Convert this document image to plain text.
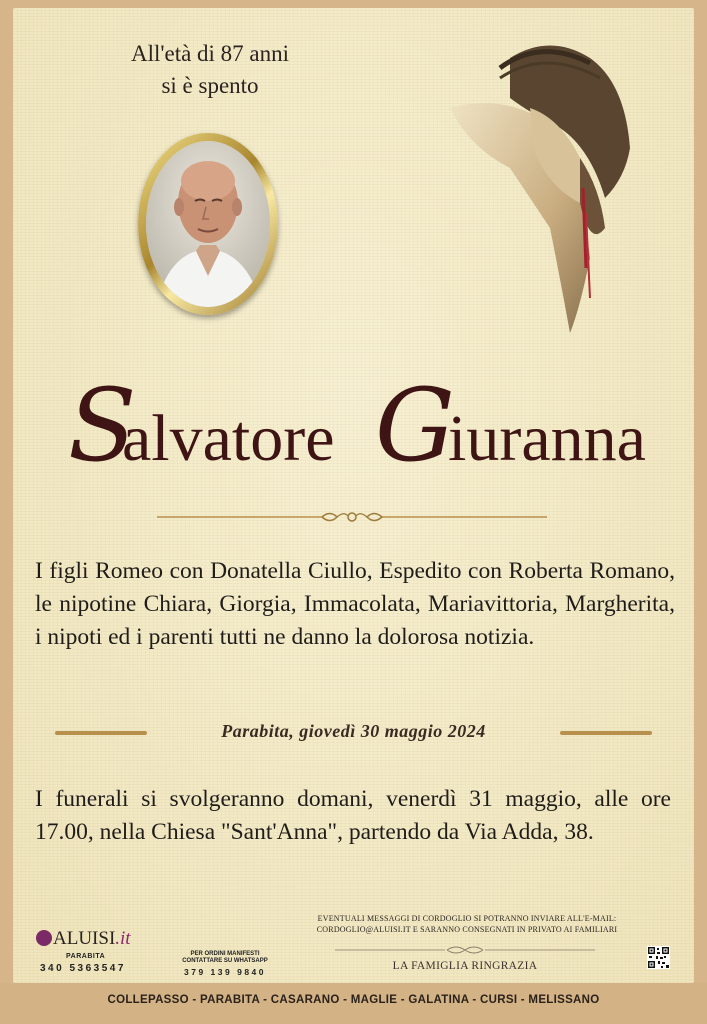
All'età di 87 anni
si è spento
S G
alvatore iuranna
I figli Romeo con Donatella Ciullo, Espedito con Roberta Romano, le nipotine Chiara, Giorgia, Immacolata, Mariavittoria, Margherita, i nipoti ed i parenti tutti ne danno la dolorosa notizia.
Parabita, giovedì 30 maggio 2024
I funerali si svolgeranno domani, venerdì 31 maggio, alle ore 17.00, nella Chiesa "Sant'Anna", partendo da Via Adda, 38.
ALUISI.it
PARABITA
340 5363547
PER ORDINI MANIFESTI
CONTATTARE SU WHATSAPP
379 139 9840
EVENTUALI MESSAGGI DI CORDOGLIO SI POTRANNO INVIARE ALL'E-MAIL:
CORDOGLIO@ALUISI.IT E SARANNO CONSEGNATI IN PRIVATO AI FAMILIARI
LA FAMIGLIA RINGRAZIA
COLLEPASSO - PARABITA - CASARANO - MAGLIE - GALATINA - CURSI - MELISSANO
